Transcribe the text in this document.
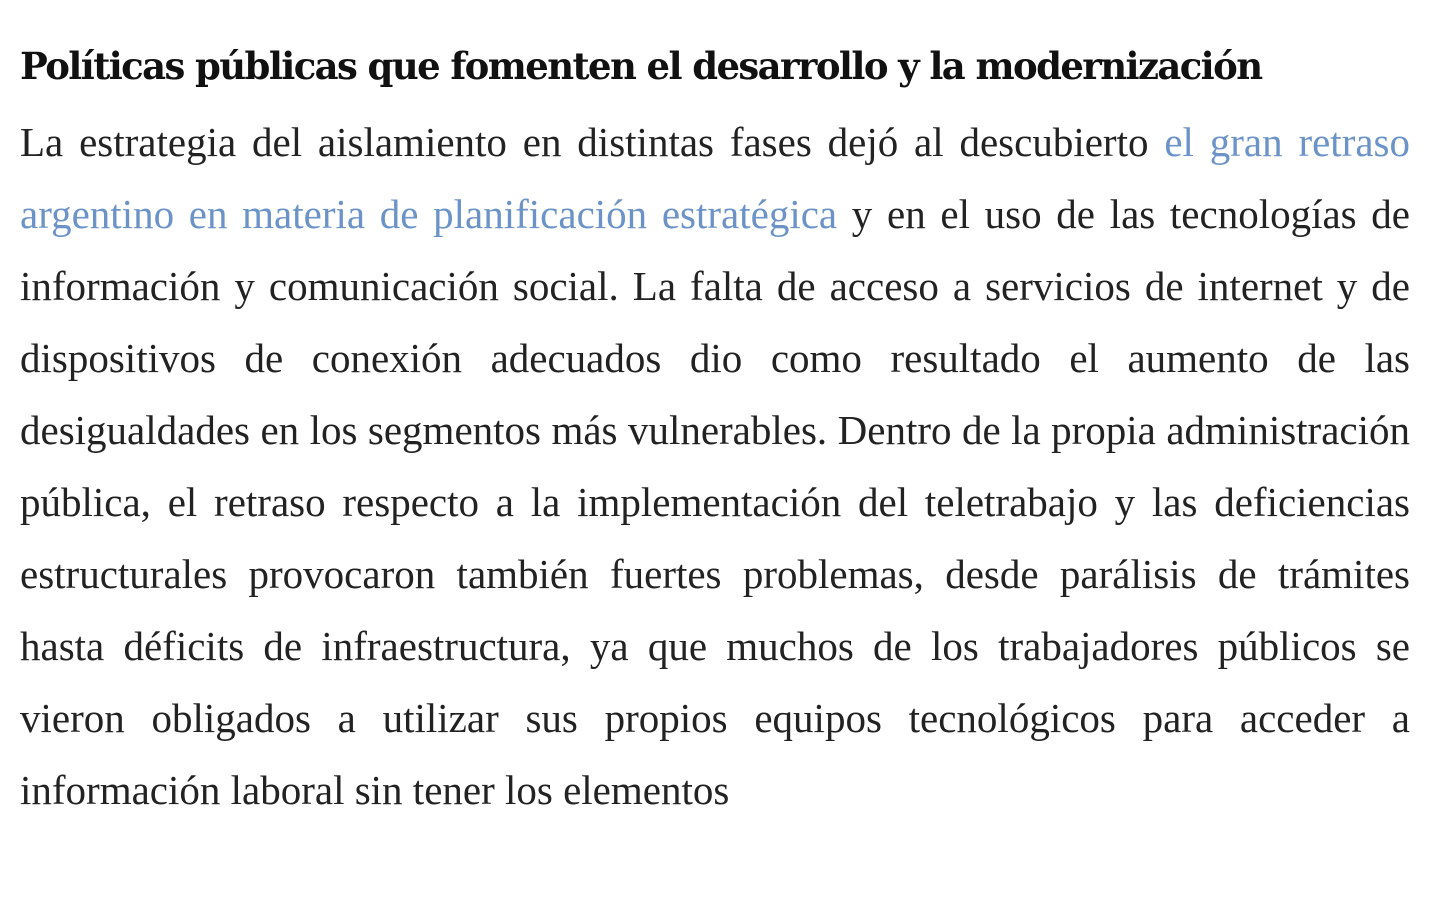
Políticas públicas que fomenten el desarrollo y la modernización

La estrategia del aislamiento en distintas fases dejó al descubierto el gran retraso argentino en materia de planificación estratégica y en el uso de las tecnologías de información y comunicación social. La falta de acceso a servicios de internet y de dispositivos de conexión adecuados dio como resultado el aumento de las desigualdades en los segmentos más vulnerables. Dentro de la propia administración pública, el retraso respecto a la implementación del teletrabajo y las deficiencias estructurales provocaron también fuertes problemas, desde parálisis de trámites hasta déficits de infraestructura, ya que muchos de los trabajadores públicos se vieron obligados a utilizar sus propios equipos tecnológicos para acceder a información laboral sin tener los elementos
